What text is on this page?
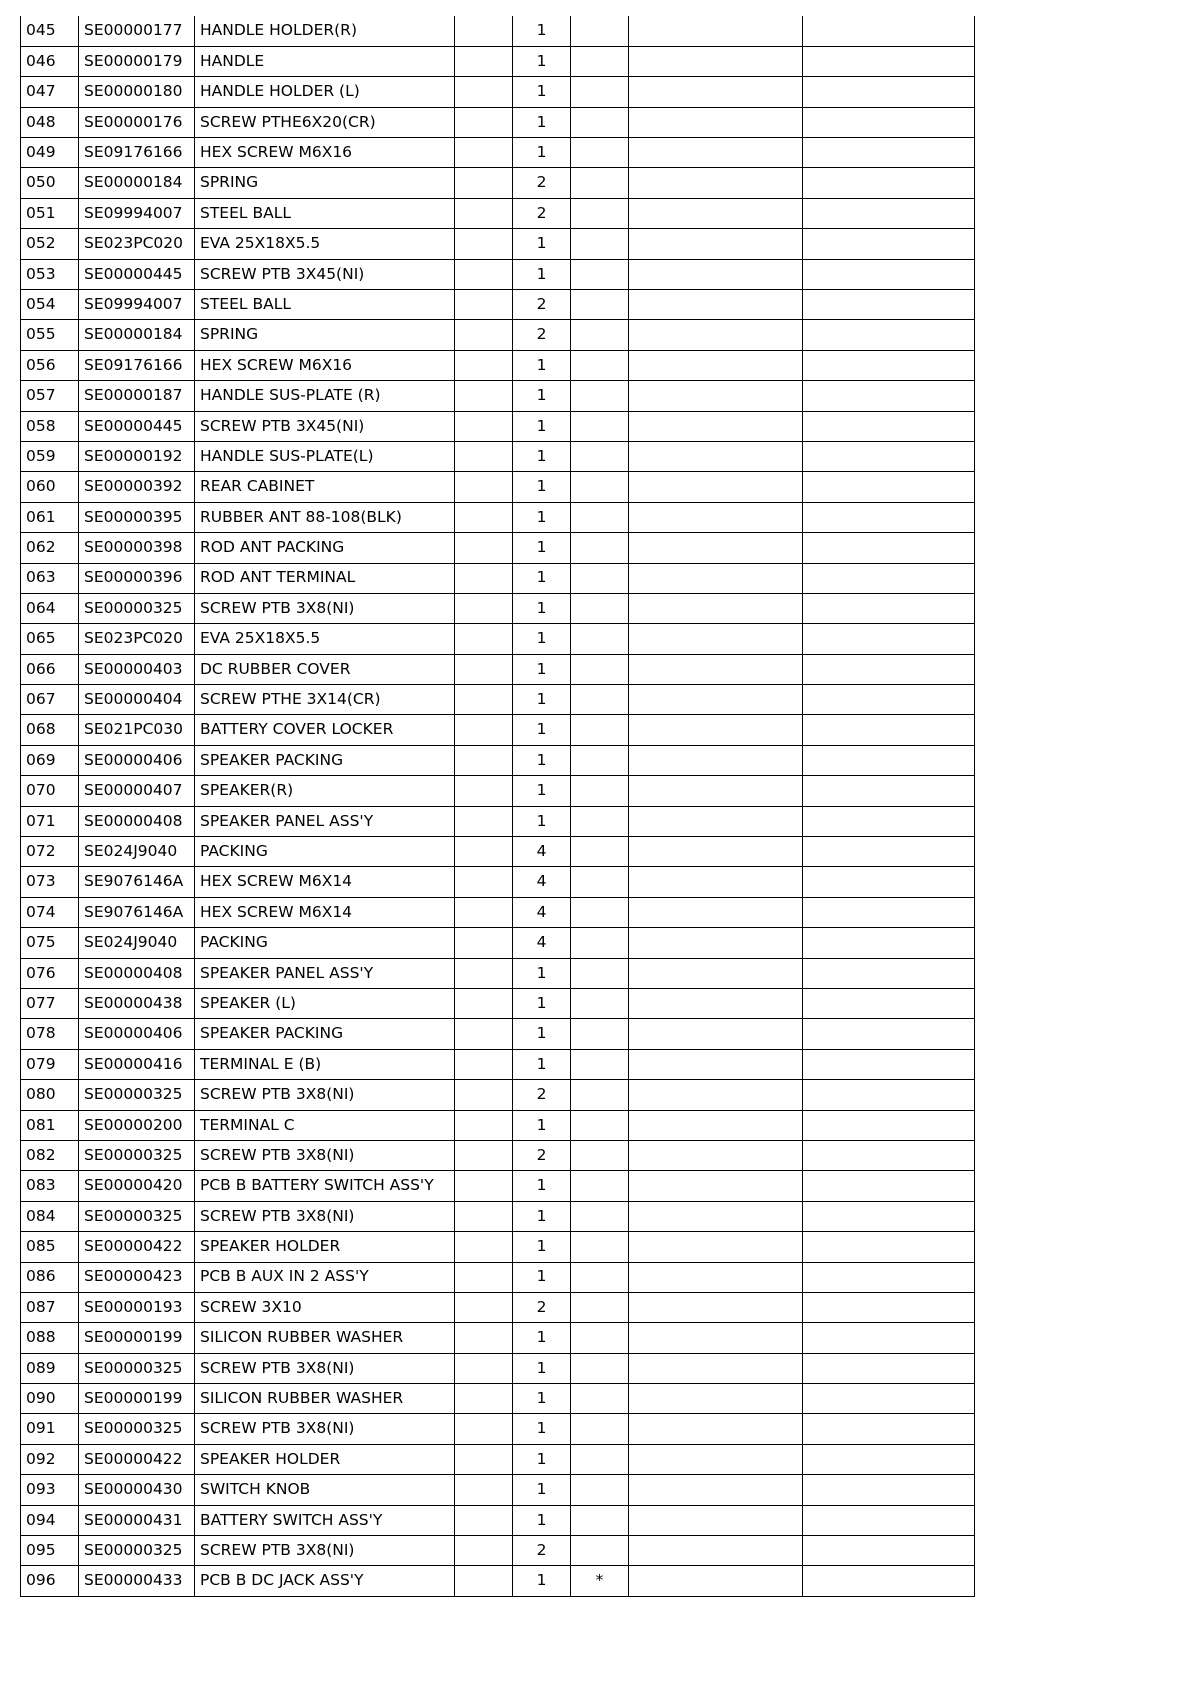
045	SE00000177	HANDLE HOLDER(R)		1			
046	SE00000179	HANDLE		1			
047	SE00000180	HANDLE HOLDER (L)		1			
048	SE00000176	SCREW PTHE6X20(CR)		1			
049	SE09176166	HEX SCREW M6X16		1			
050	SE00000184	SPRING		2			
051	SE09994007	STEEL BALL		2			
052	SE023PC020	EVA 25X18X5.5		1			
053	SE00000445	SCREW PTB 3X45(NI)		1			
054	SE09994007	STEEL BALL		2			
055	SE00000184	SPRING		2			
056	SE09176166	HEX SCREW M6X16		1			
057	SE00000187	HANDLE SUS-PLATE (R)		1			
058	SE00000445	SCREW PTB 3X45(NI)		1			
059	SE00000192	HANDLE SUS-PLATE(L)		1			
060	SE00000392	REAR CABINET		1			
061	SE00000395	RUBBER ANT 88-108(BLK)		1			
062	SE00000398	ROD ANT PACKING		1			
063	SE00000396	ROD ANT TERMINAL		1			
064	SE00000325	SCREW PTB 3X8(NI)		1			
065	SE023PC020	EVA 25X18X5.5		1			
066	SE00000403	DC RUBBER COVER		1			
067	SE00000404	SCREW PTHE 3X14(CR)		1			
068	SE021PC030	BATTERY COVER LOCKER		1			
069	SE00000406	SPEAKER PACKING		1			
070	SE00000407	SPEAKER(R)		1			
071	SE00000408	SPEAKER PANEL ASS'Y		1			
072	SE024J9040	PACKING		4			
073	SE9076146A	HEX SCREW M6X14		4			
074	SE9076146A	HEX SCREW M6X14		4			
075	SE024J9040	PACKING		4			
076	SE00000408	SPEAKER PANEL ASS'Y		1			
077	SE00000438	SPEAKER (L)		1			
078	SE00000406	SPEAKER PACKING		1			
079	SE00000416	TERMINAL E (B)		1			
080	SE00000325	SCREW PTB 3X8(NI)		2			
081	SE00000200	TERMINAL C		1			
082	SE00000325	SCREW PTB 3X8(NI)		2			
083	SE00000420	PCB B BATTERY SWITCH ASS'Y		1			
084	SE00000325	SCREW PTB 3X8(NI)		1			
085	SE00000422	SPEAKER HOLDER		1			
086	SE00000423	PCB B AUX IN 2 ASS'Y		1			
087	SE00000193	SCREW 3X10		2			
088	SE00000199	SILICON RUBBER WASHER		1			
089	SE00000325	SCREW PTB 3X8(NI)		1			
090	SE00000199	SILICON RUBBER WASHER		1			
091	SE00000325	SCREW PTB 3X8(NI)		1			
092	SE00000422	SPEAKER HOLDER		1			
093	SE00000430	SWITCH KNOB		1			
094	SE00000431	BATTERY SWITCH ASS'Y		1			
095	SE00000325	SCREW PTB 3X8(NI)		2			
096	SE00000433	PCB B DC JACK ASS'Y		1	*		
